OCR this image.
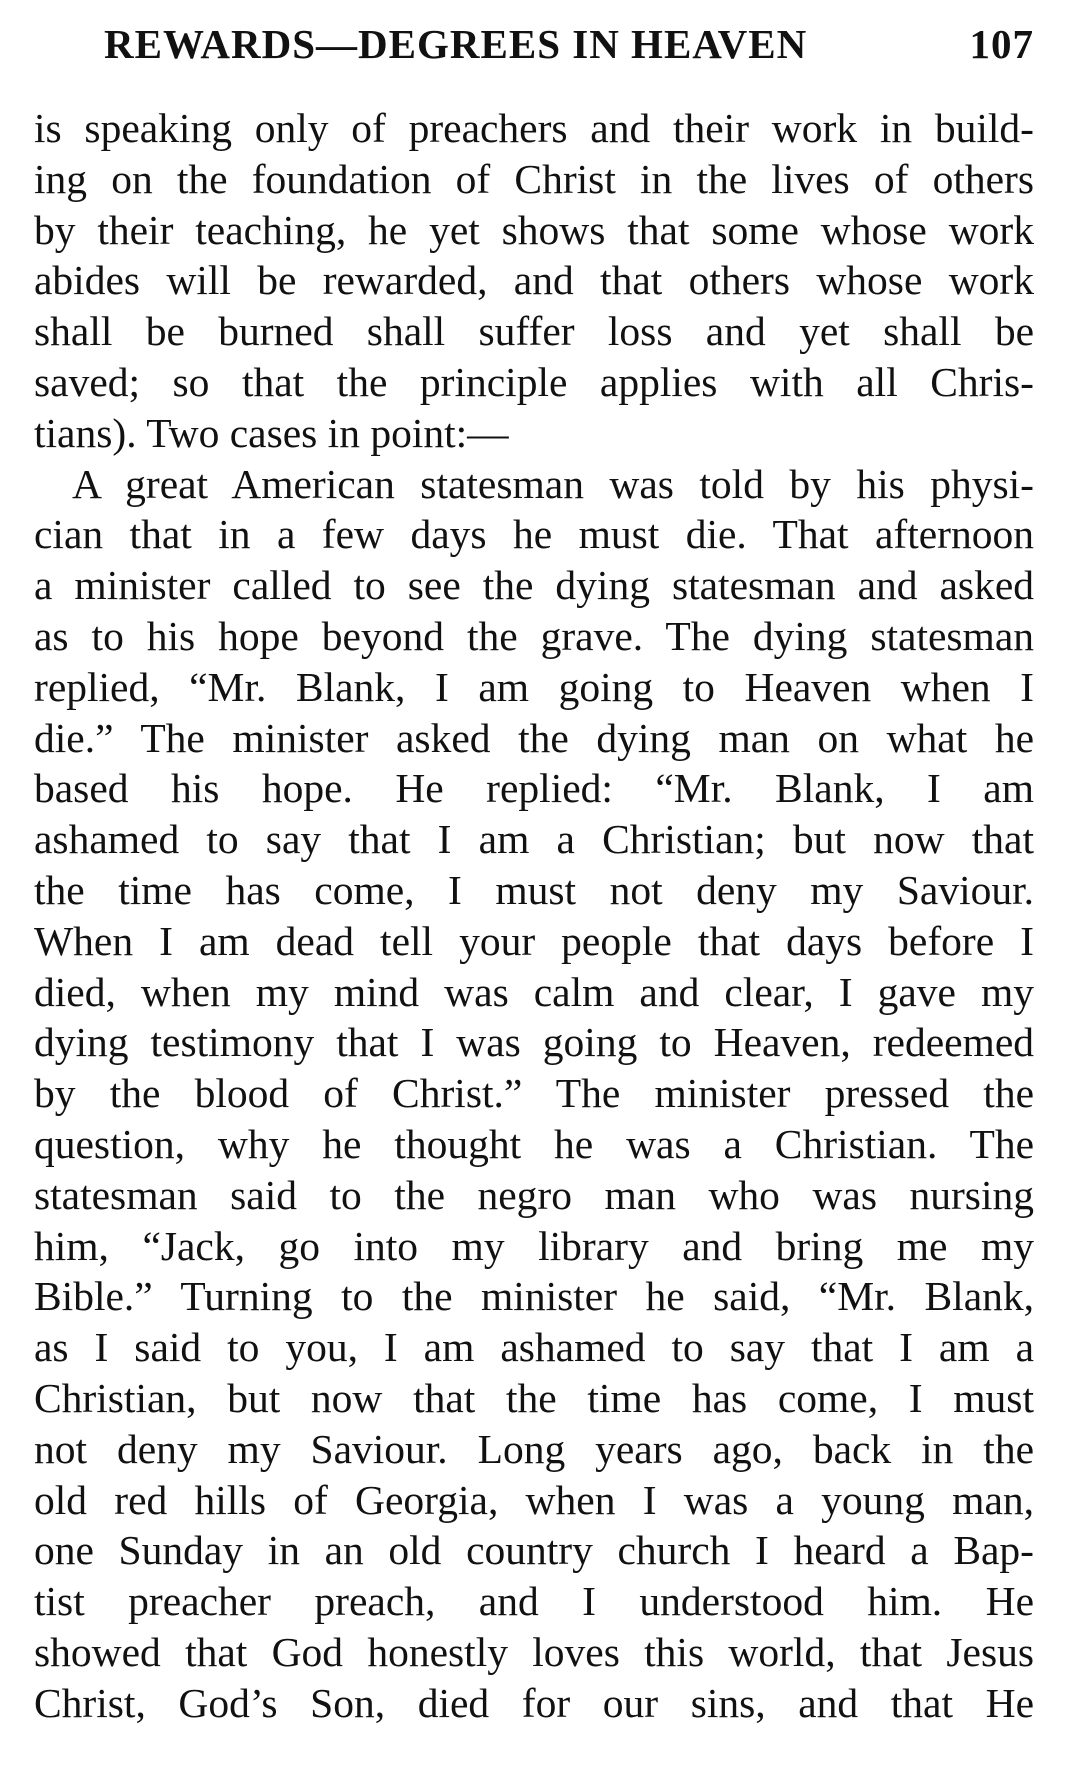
REWARDS—DEGREES IN HEAVEN	107
is speaking only of preachers and their work in build-
ing on the foundation of Christ in the lives of others
by their teaching, he yet shows that some whose work
abides will be rewarded, and that others whose work
shall be burned shall suffer loss and yet shall be
saved; so that the principle applies with all Chris-
tians). Two cases in point:—
A great American statesman was told by his physi-
cian that in a few days he must die. That afternoon
a minister called to see the dying statesman and asked
as to his hope beyond the grave. The dying statesman
replied, “Mr. Blank, I am going to Heaven when I
die.” The minister asked the dying man on what he
based his hope. He replied: “Mr. Blank, I am
ashamed to say that I am a Christian; but now that
the time has come, I must not deny my Saviour.
When I am dead tell your people that days before I
died, when my mind was calm and clear, I gave my
dying testimony that I was going to Heaven, redeemed
by the blood of Christ.” The minister pressed the
question, why he thought he was a Christian. The
statesman said to the negro man who was nursing
him, “Jack, go into my library and bring me my
Bible.” Turning to the minister he said, “Mr. Blank,
as I said to you, I am ashamed to say that I am a
Christian, but now that the time has come, I must
not deny my Saviour. Long years ago, back in the
old red hills of Georgia, when I was a young man,
one Sunday in an old country church I heard a Bap-
tist preacher preach, and I understood him. He
showed that God honestly loves this world, that Jesus
Christ, God’s Son, died for our sins, and that He
